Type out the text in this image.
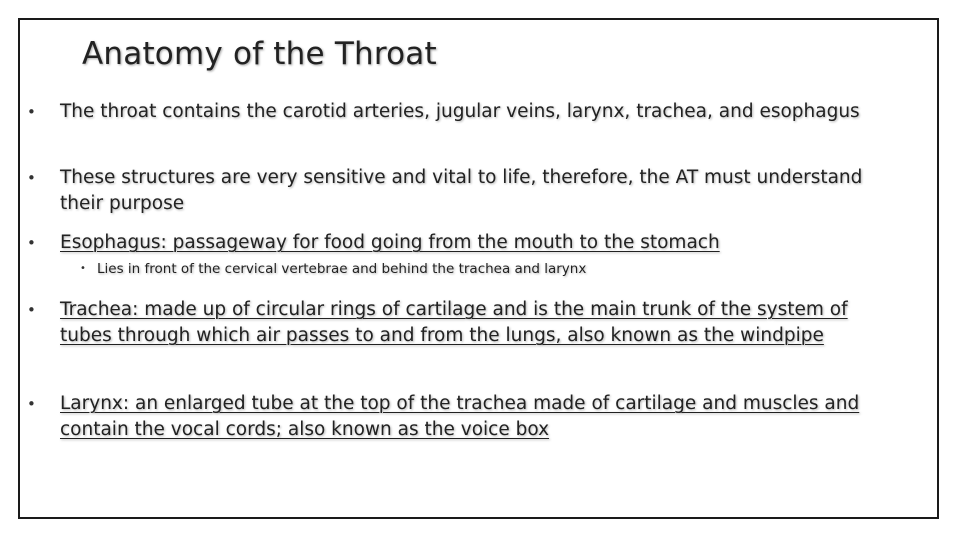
Anatomy of the Throat
• The throat contains the carotid arteries, jugular veins, larynx, trachea, and esophagus
• These structures are very sensitive and vital to life, therefore, the AT must understand their purpose
• Esophagus: passageway for food going from the mouth to the stomach
• Lies in front of the cervical vertebrae and behind the trachea and larynx
• Trachea: made up of circular rings of cartilage and is the main trunk of the system of tubes through which air passes to and from the lungs, also known as the windpipe
• Larynx: an enlarged tube at the top of the trachea made of cartilage and muscles and contain the vocal cords; also known as the voice box
